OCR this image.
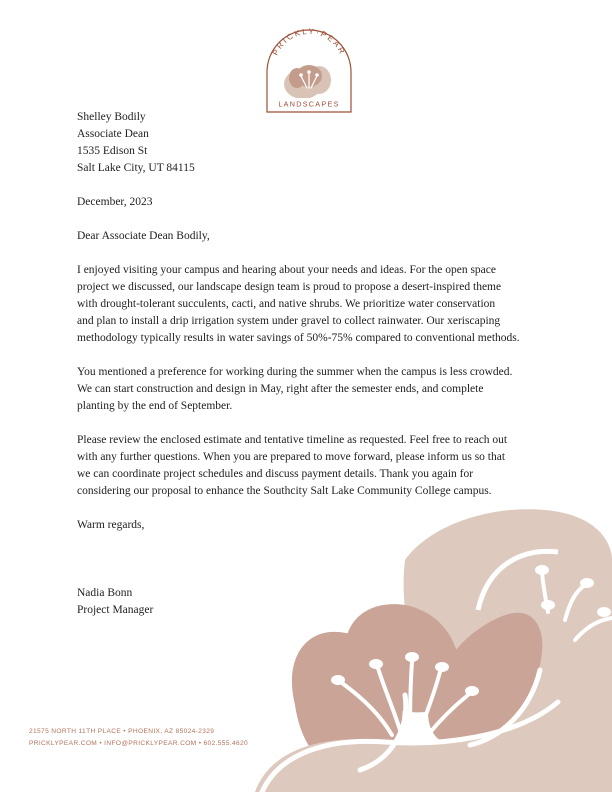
PRICKLY·PEAR
LANDSCAPES
Shelley Bodily
Associate Dean
1535 Edison St
Salt Lake City, UT 84115
December, 2023
Dear Associate Dean Bodily,
I enjoyed visiting your campus and hearing about your needs and ideas. For the open space
project we discussed, our landscape design team is proud to propose a desert-inspired theme
with drought-tolerant succulents, cacti, and native shrubs. We prioritize water conservation
and plan to install a drip irrigation system under gravel to collect rainwater. Our xeriscaping
methodology typically results in water savings of 50%-75% compared to conventional methods.
You mentioned a preference for working during the summer when the campus is less crowded.
We can start construction and design in May, right after the semester ends, and complete
planting by the end of September.
Please review the enclosed estimate and tentative timeline as requested. Feel free to reach out
with any further questions. When you are prepared to move forward, please inform us so that
we can coordinate project schedules and discuss payment details. Thank you again for
considering our proposal to enhance the Southcity Salt Lake Community College campus.
Warm regards,
Nadia Bonn
Project Manager
21575 NORTH 11TH PLACE • PHOENIX, AZ 85024-2329
PRICKLYPEAR.COM • INFO@PRICKLYPEAR.COM • 602.555.4620
